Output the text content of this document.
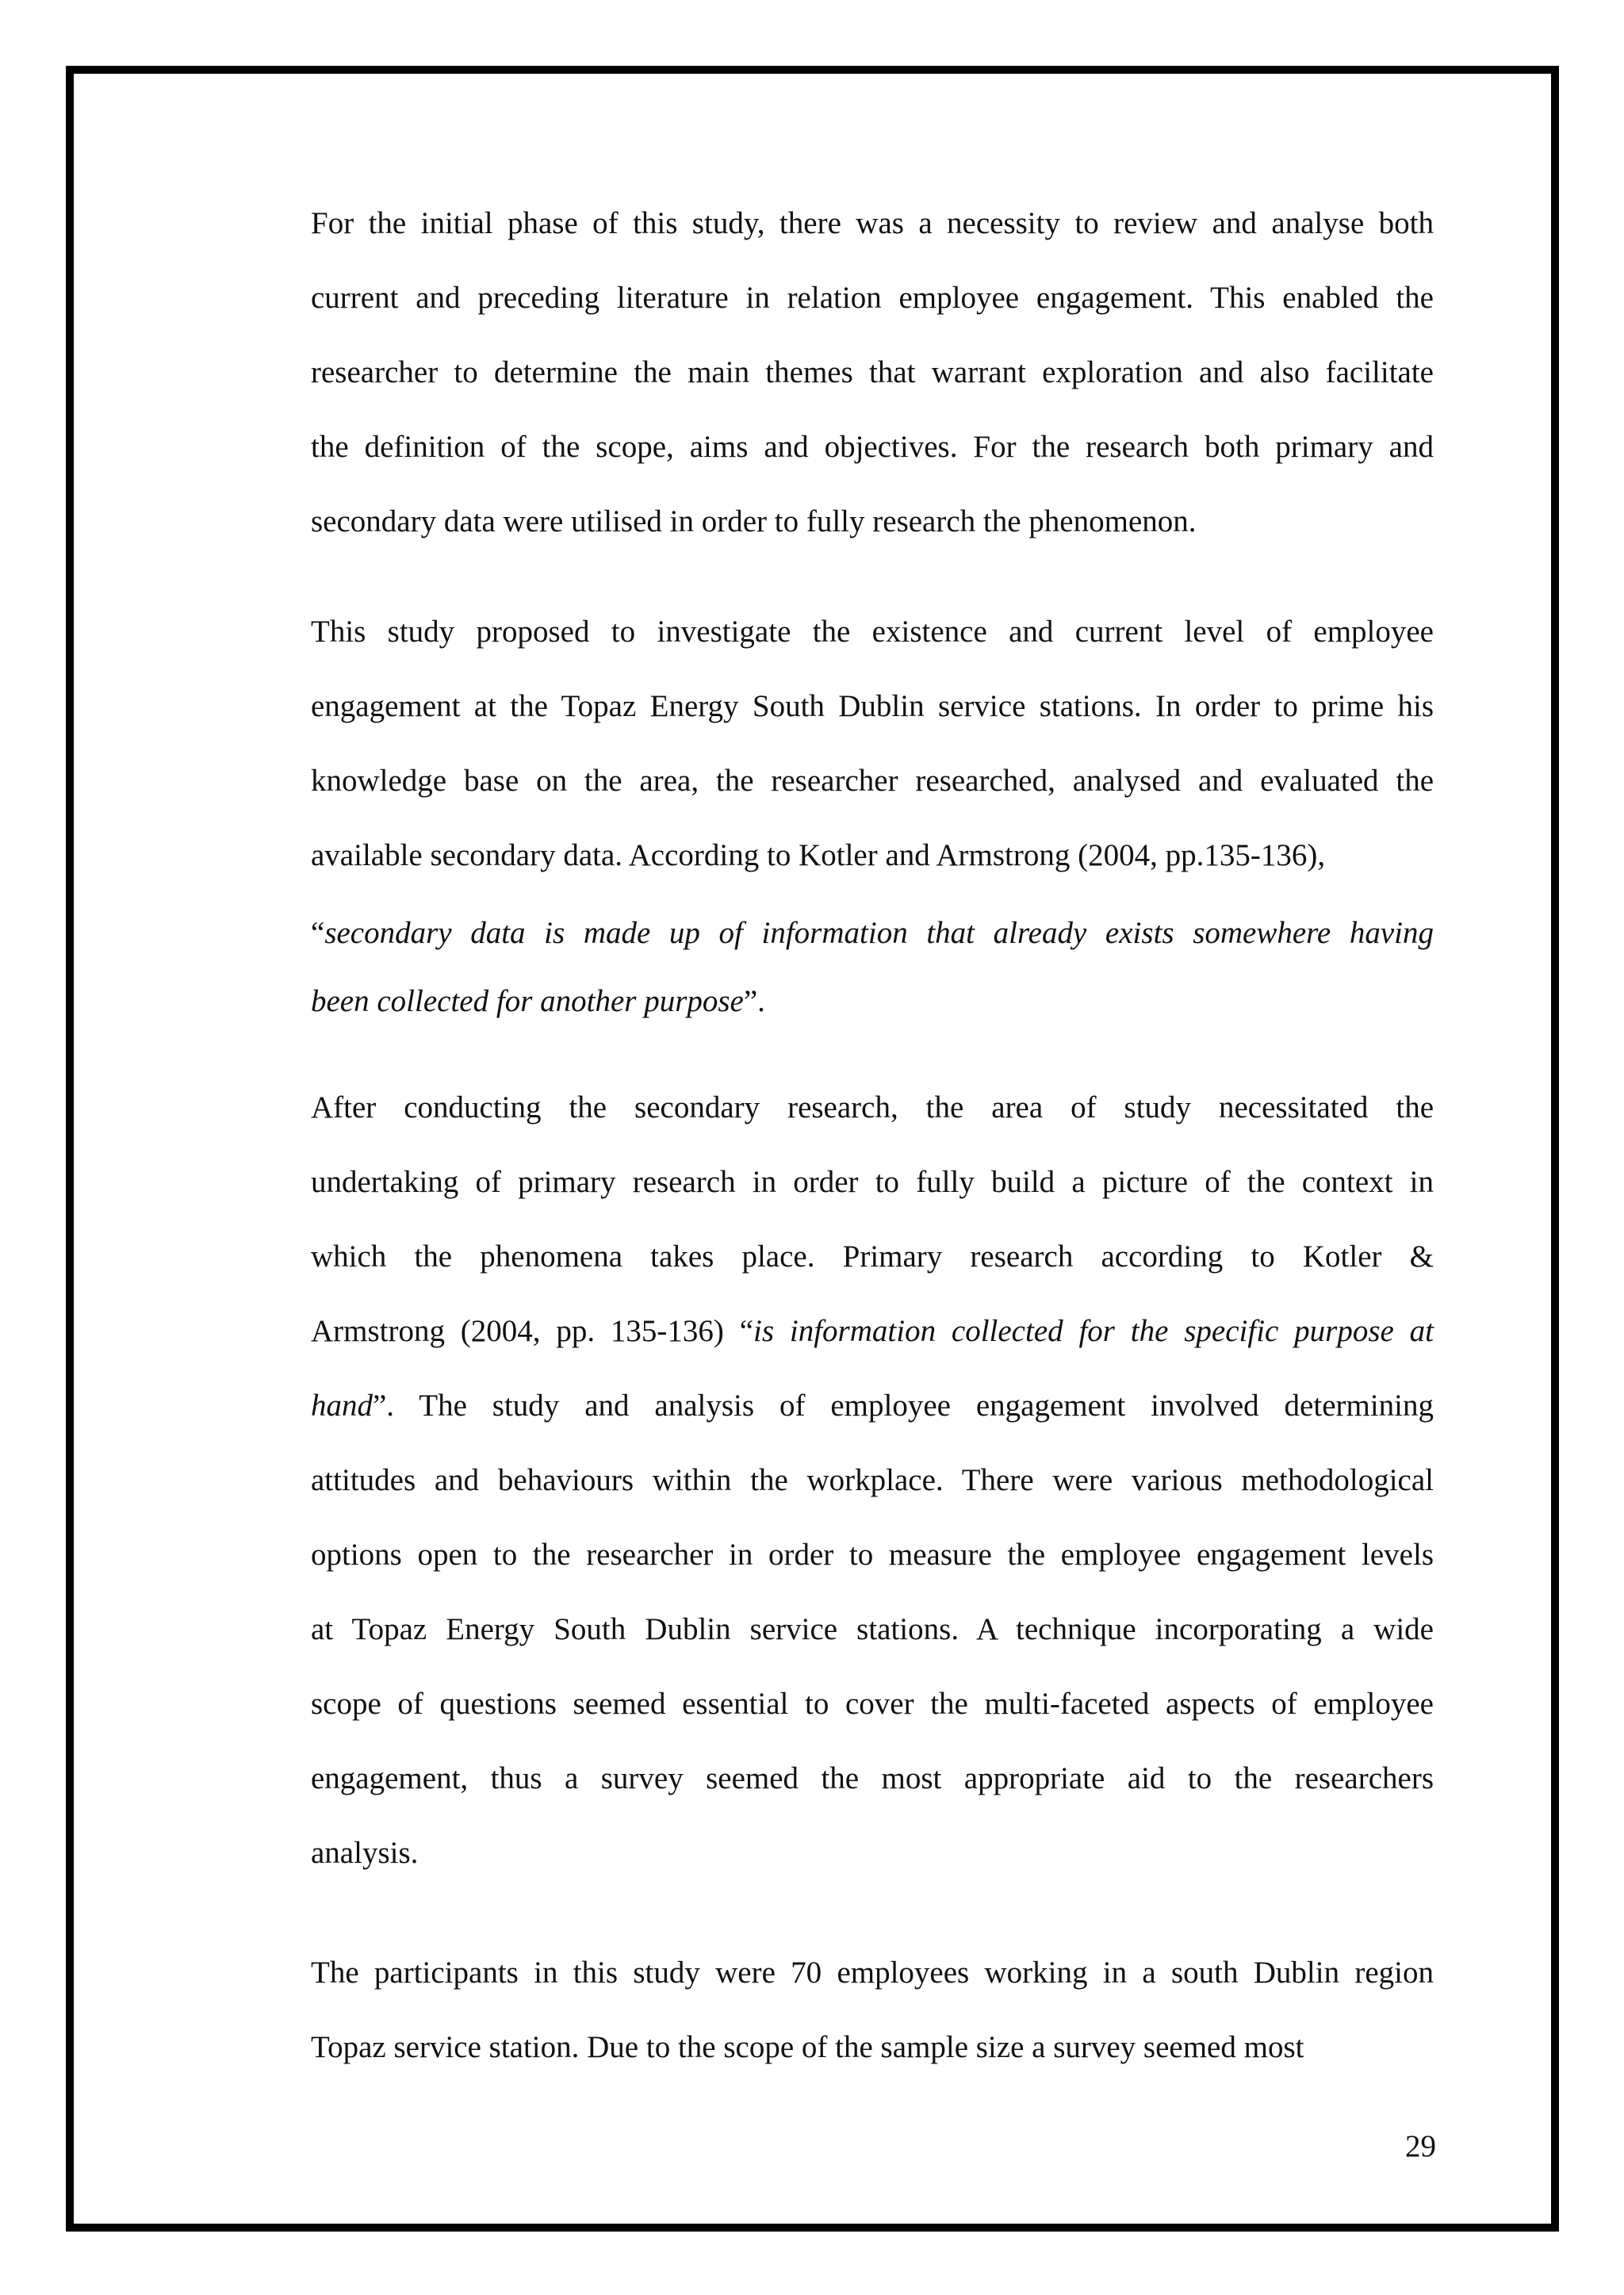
For the initial phase of this study, there was a necessity to review and analyse both
current and preceding literature in relation employee engagement. This enabled the
researcher to determine the main themes that warrant exploration and also facilitate
the definition of the scope, aims and objectives. For the research both primary and
secondary data were utilised in order to fully research the phenomenon.
This study proposed to investigate the existence and current level of employee
engagement at the Topaz Energy South Dublin service stations. In order to prime his
knowledge base on the area, the researcher researched, analysed and evaluated the
available secondary data. According to Kotler and Armstrong (2004, pp.135-136),
“secondary data is made up of information that already exists somewhere having
been collected for another purpose”.
After conducting the secondary research, the area of study necessitated the
undertaking of primary research in order to fully build a picture of the context in
which the phenomena takes place. Primary research according to Kotler &
Armstrong (2004, pp. 135-136) “is information collected for the specific purpose at
hand”. The study and analysis of employee engagement involved determining
attitudes and behaviours within the workplace. There were various methodological
options open to the researcher in order to measure the employee engagement levels
at Topaz Energy South Dublin service stations. A technique incorporating a wide
scope of questions seemed essential to cover the multi-faceted aspects of employee
engagement, thus a survey seemed the most appropriate aid to the researchers
analysis.
The participants in this study were 70 employees working in a south Dublin region
Topaz service station. Due to the scope of the sample size a survey seemed most
29
